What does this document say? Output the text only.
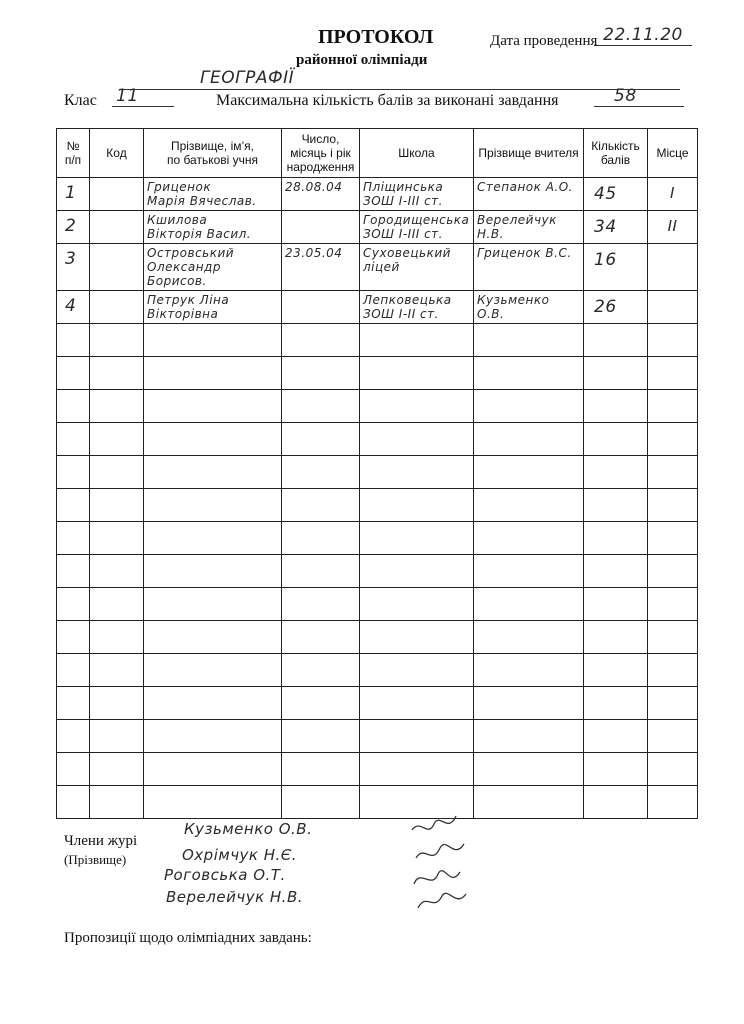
ПРОТОКОЛ
районної олімпіади
Дата проведення 22.11.20
ГЕОГРАФІЇ
Клас 11	Максимальна кількість балів за виконані завдання	58
№
п/п	Код	Прізвище, ім’я,
по батькові учня	Число,
місяць і рік
народження	Школа	Прізвище вчителя	Кількість
балів	Місце

1		Гриценок
Марія Вячеслав.	28.08.04	Пліщинська
ЗОШ І-ІІІ ст.	Степанок А.О.	45	I

2		Кшилова
Вікторія Васил.		Городищенська
ЗОШ І-ІІІ ст.	Верелейчук Н.В.	34	II

3		Островський
Олександр Борисов.	23.05.04	Суховецький
ліцей	Гриценок В.С.	16	

4		Петрук Ліна
Вікторівна		Лепковецька
ЗОШ І-ІІ ст.	Кузьменко
О.В.	26	

Члени журі
(Прізвище)
Кузьменко О.В.
Охрімчук Н.Є.
Роговська О.Т.
Верелейчук Н.В.
Пропозиції щодо олімпіадних завдань:
